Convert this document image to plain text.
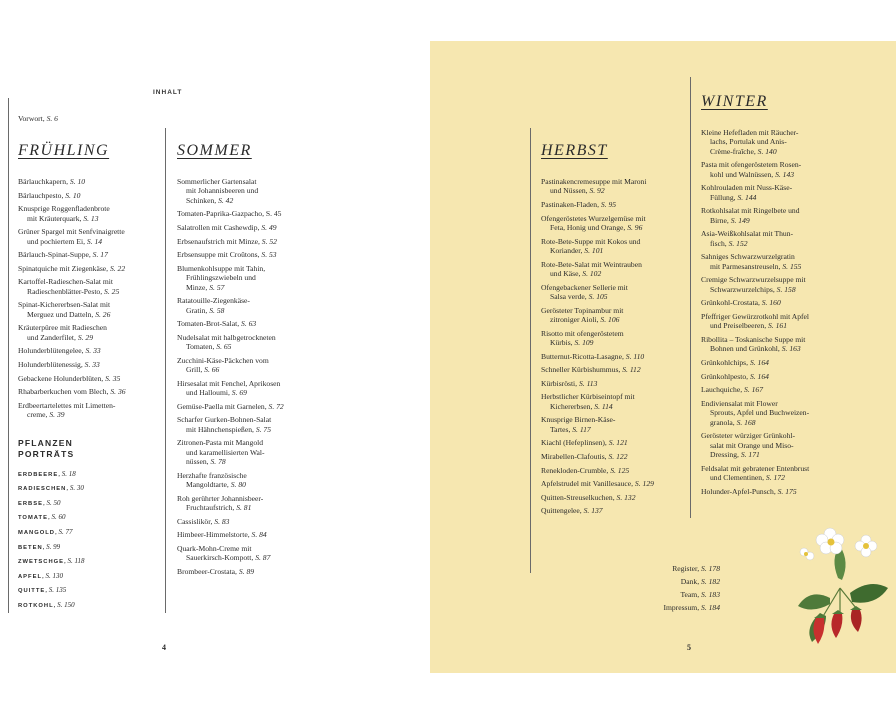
INHALT
Vorwort, S. 6
FRÜHLING
Bärlauchkapern, S. 10
Bärlauchpesto, S. 10
Knusprige Roggenfladenbrote
mit Kräuterquark, S. 13
Grüner Spargel mit Senfvinaigrette
und pochiertem Ei, S. 14
Bärlauch-Spinat-Suppe, S. 17
Spinatquiche mit Ziegenkäse, S. 22
Kartoffel-Radieschen-Salat mit
Radieschenblätter-Pesto, S. 25
Spinat-Kichererbsen-Salat mit
Merguez und Datteln, S. 26
Kräuterpüree mit Radieschen
und Zanderfilet, S. 29
Holunderblütengelee, S. 33
Holunderblütenessig, S. 33
Gebackene Holunderblüten, S. 35
Rhabarberkuchen vom Blech, S. 36
Erdbeertartelettes mit Limetten-
creme, S. 39
PFLANZEN
PORTRÄTS
ERDBEERE, S. 18
RADIESCHEN, S. 30
ERBSE, S. 50
TOMATE, S. 60
MANGOLD, S. 77
BETEN, S. 99
ZWETSCHGE, S. 118
APFEL, S. 130
QUITTE, S. 135
ROTKOHL, S. 150
SOMMER
Sommerlicher Gartensalat
mit Johannisbeeren und
Schinken, S. 42
Tomaten-Paprika-Gazpacho, S. 45
Salatrollen mit Cashewdip, S. 49
Erbsenaufstrich mit Minze, S. 52
Erbsensuppe mit Croûtons, S. 53
Blumenkohlsuppe mit Tahin,
Frühlingszwiebeln und
Minze, S. 57
Ratatouille-Ziegenkäse-
Gratin, S. 58
Tomaten-Brot-Salat, S. 63
Nudelsalat mit halbgetrockneten
Tomaten, S. 65
Zucchini-Käse-Päckchen vom
Grill, S. 66
Hirsesalat mit Fenchel, Aprikosen
und Halloumi, S. 69
Gemüse-Paella mit Garnelen, S. 72
Scharfer Gurken-Bohnen-Salat
mit Hähnchenspießen, S. 75
Zitronen-Pasta mit Mangold
und karamellisierten Wal-
nüssen, S. 78
Herzhafte französische
Mangoldtarte, S. 80
Roh gerührter Johannisbeer-
Fruchtaufstrich, S. 81
Cassislikör, S. 83
Himbeer-Himmelstorte, S. 84
Quark-Mohn-Creme mit
Sauerkirsch-Kompott, S. 87
Brombeer-Crostata, S. 89
HERBST
Pastinakencremesuppe mit Maroni
und Nüssen, S. 92
Pastinaken-Fladen, S. 95
Ofengeröstetes Wurzelgemüse mit
Feta, Honig und Orange, S. 96
Rote-Bete-Suppe mit Kokos und
Koriander, S. 101
Rote-Bete-Salat mit Weintrauben
und Käse, S. 102
Ofengebackener Sellerie mit
Salsa verde, S. 105
Gerösteter Topinambur mit
zitroniger Aioli, S. 106
Risotto mit ofengeröstetem
Kürbis, S. 109
Butternut-Ricotta-Lasagne, S. 110
Schneller Kürbishummus, S. 112
Kürbisrösti, S. 113
Herbstlicher Kürbiseintopf mit
Kichererbsen, S. 114
Knusprige Birnen-Käse-
Tartes, S. 117
Kiachl (Hefeplinsen), S. 121
Mirabellen-Clafoutis, S. 122
Renekloden-Crumble, S. 125
Apfelstrudel mit Vanillesauce, S. 129
Quitten-Streuselkuchen, S. 132
Quittengelee, S. 137
WINTER
Kleine Hefefladen mit Räucher-
lachs, Portulak und Anis-
Crème-fraîche, S. 140
Pasta mit ofengeröstetem Rosen-
kohl und Walnüssen, S. 143
Kohlrouladen mit Nuss-Käse-
Füllung, S. 144
Rotkohlsalat mit Ringelbete und
Birne, S. 149
Asia-Weißkohlsalat mit Thun-
fisch, S. 152
Sahniges Schwarzwurzelgratin
mit Parmesanstreuseln, S. 155
Cremige Schwarzwurzelsuppe mit
Schwarzwurzelchips, S. 158
Grünkohl-Crostata, S. 160
Pfeffriger Gewürzrotkohl mit Apfel
und Preiselbeeren, S. 161
Ribollita – Toskanische Suppe mit
Bohnen und Grünkohl, S. 163
Grünkohlchips, S. 164
Grünkohlpesto, S. 164
Lauchquiche, S. 167
Endiviensalat mit Flower
Sprouts, Apfel und Buchweizen-
granola, S. 168
Gerösteter würziger Grünkohl-
salat mit Orange und Miso-
Dressing, S. 171
Feldsalat mit gebratener Entenbrust
und Clementinen, S. 172
Holunder-Apfel-Punsch, S. 175
Register, S. 178
Dank, S. 182
Team, S. 183
Impressum, S. 184
4	5
